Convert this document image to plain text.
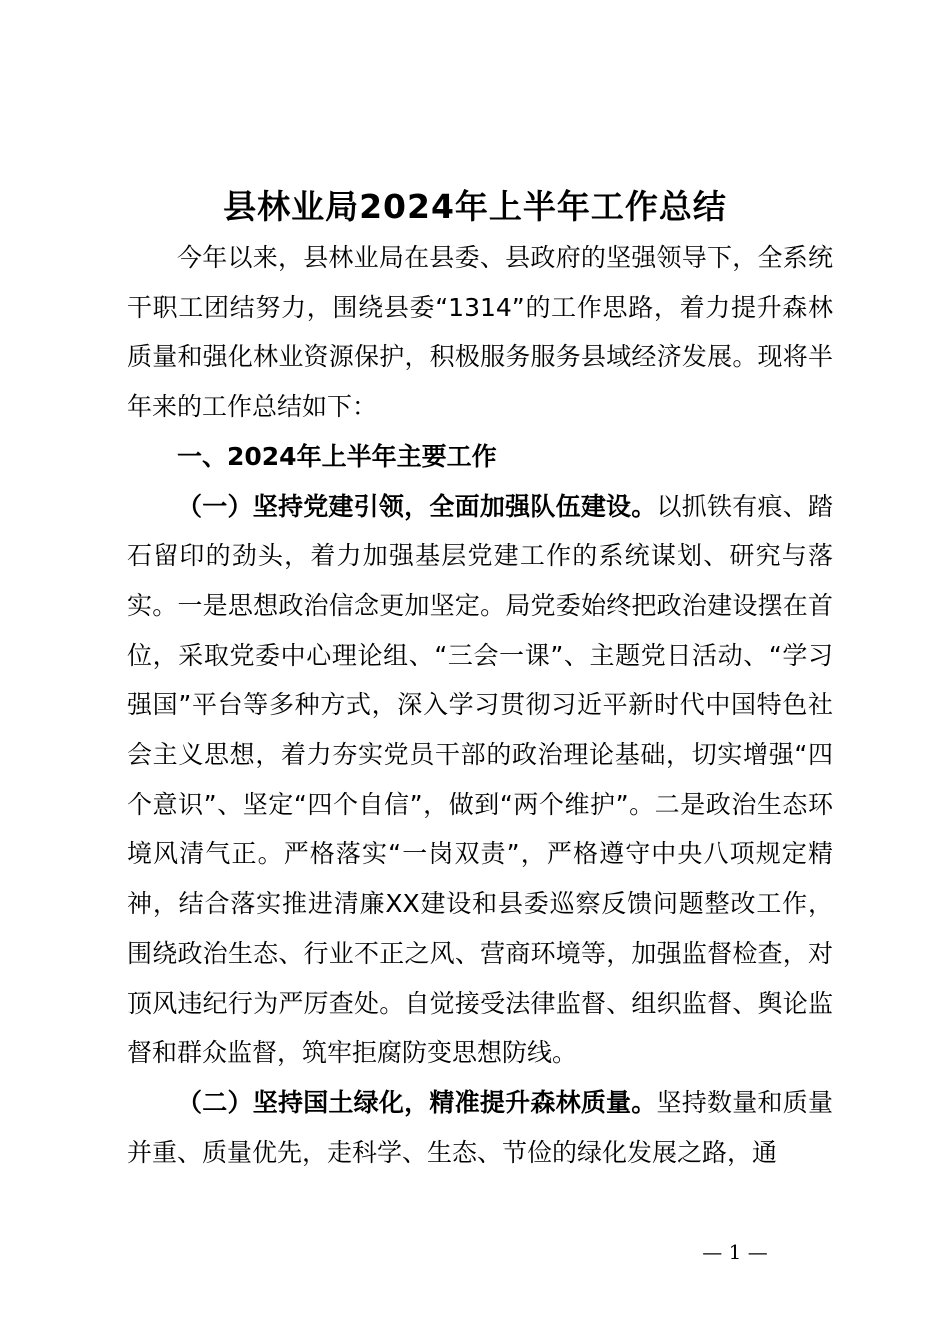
县林业局2024年上半年工作总结

今年以来，县林业局在县委、县政府的坚强领导下，全系统干职工团结努力，围绕县委“1314”的工作思路，着力提升森林质量和强化林业资源保护，积极服务服务县域经济发展。现将半年来的工作总结如下：

一、2024年上半年主要工作

（一）坚持党建引领，全面加强队伍建设。以抓铁有痕、踏石留印的劲头，着力加强基层党建工作的系统谋划、研究与落实。一是思想政治信念更加坚定。局党委始终把政治建设摆在首位，采取党委中心理论组、“三会一课”、主题党日活动、“学习强国”平台等多种方式，深入学习贯彻习近平新时代中国特色社会主义思想，着力夯实党员干部的政治理论基础，切实增强“四个意识”、坚定“四个自信”，做到“两个维护”。二是政治生态环境风清气正。严格落实“一岗双责”，严格遵守中央八项规定精神，结合落实推进清廉XX建设和县委巡察反馈问题整改工作，围绕政治生态、行业不正之风、营商环境等，加强监督检查，对顶风违纪行为严厉查处。自觉接受法律监督、组织监督、舆论监督和群众监督，筑牢拒腐防变思想防线。

（二）坚持国土绿化，精准提升森林质量。坚持数量和质量并重、质量优先，走科学、生态、节俭的绿化发展之路，通

— 1 —
